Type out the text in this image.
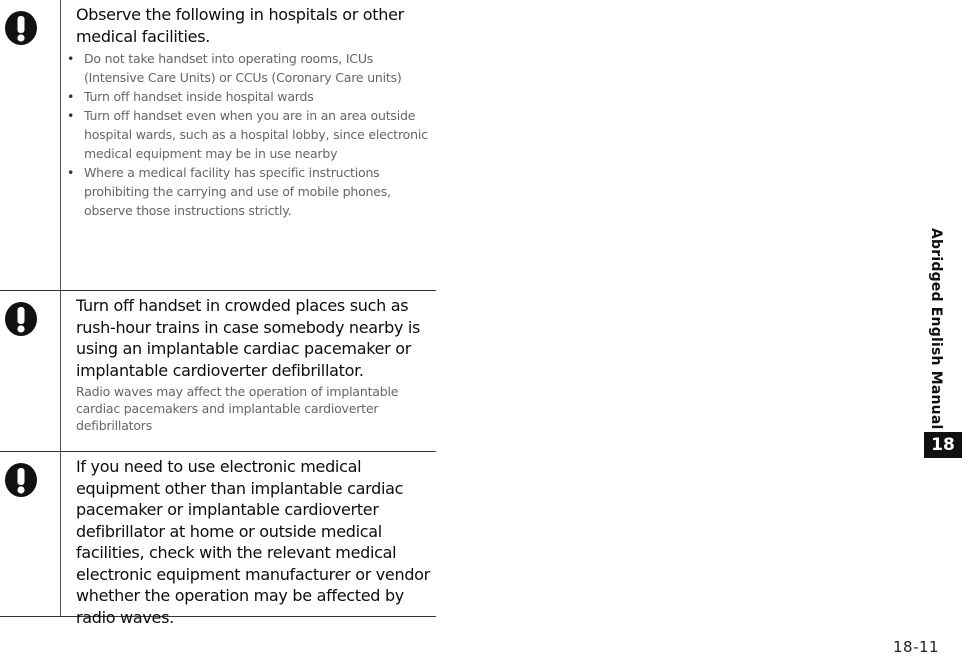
Observe the following in hospitals or other medical facilities.
• Do not take handset into operating rooms, ICUs (Intensive Care Units) or CCUs (Coronary Care units)
• Turn off handset inside hospital wards
• Turn off handset even when you are in an area outside hospital wards, such as a hospital lobby, since electronic medical equipment may be in use nearby
• Where a medical facility has specific instructions prohibiting the carrying and use of mobile phones, observe those instructions strictly.
Turn off handset in crowded places such as rush-hour trains in case somebody nearby is using an implantable cardiac pacemaker or implantable cardioverter defibrillator.
Radio waves may affect the operation of implantable cardiac pacemakers and implantable cardioverter defibrillators
If you need to use electronic medical equipment other than implantable cardiac pacemaker or implantable cardioverter defibrillator at home or outside medical facilities, check with the relevant medical electronic equipment manufacturer or vendor whether the operation may be affected by radio waves.
Abridged English Manual
18
18-11
